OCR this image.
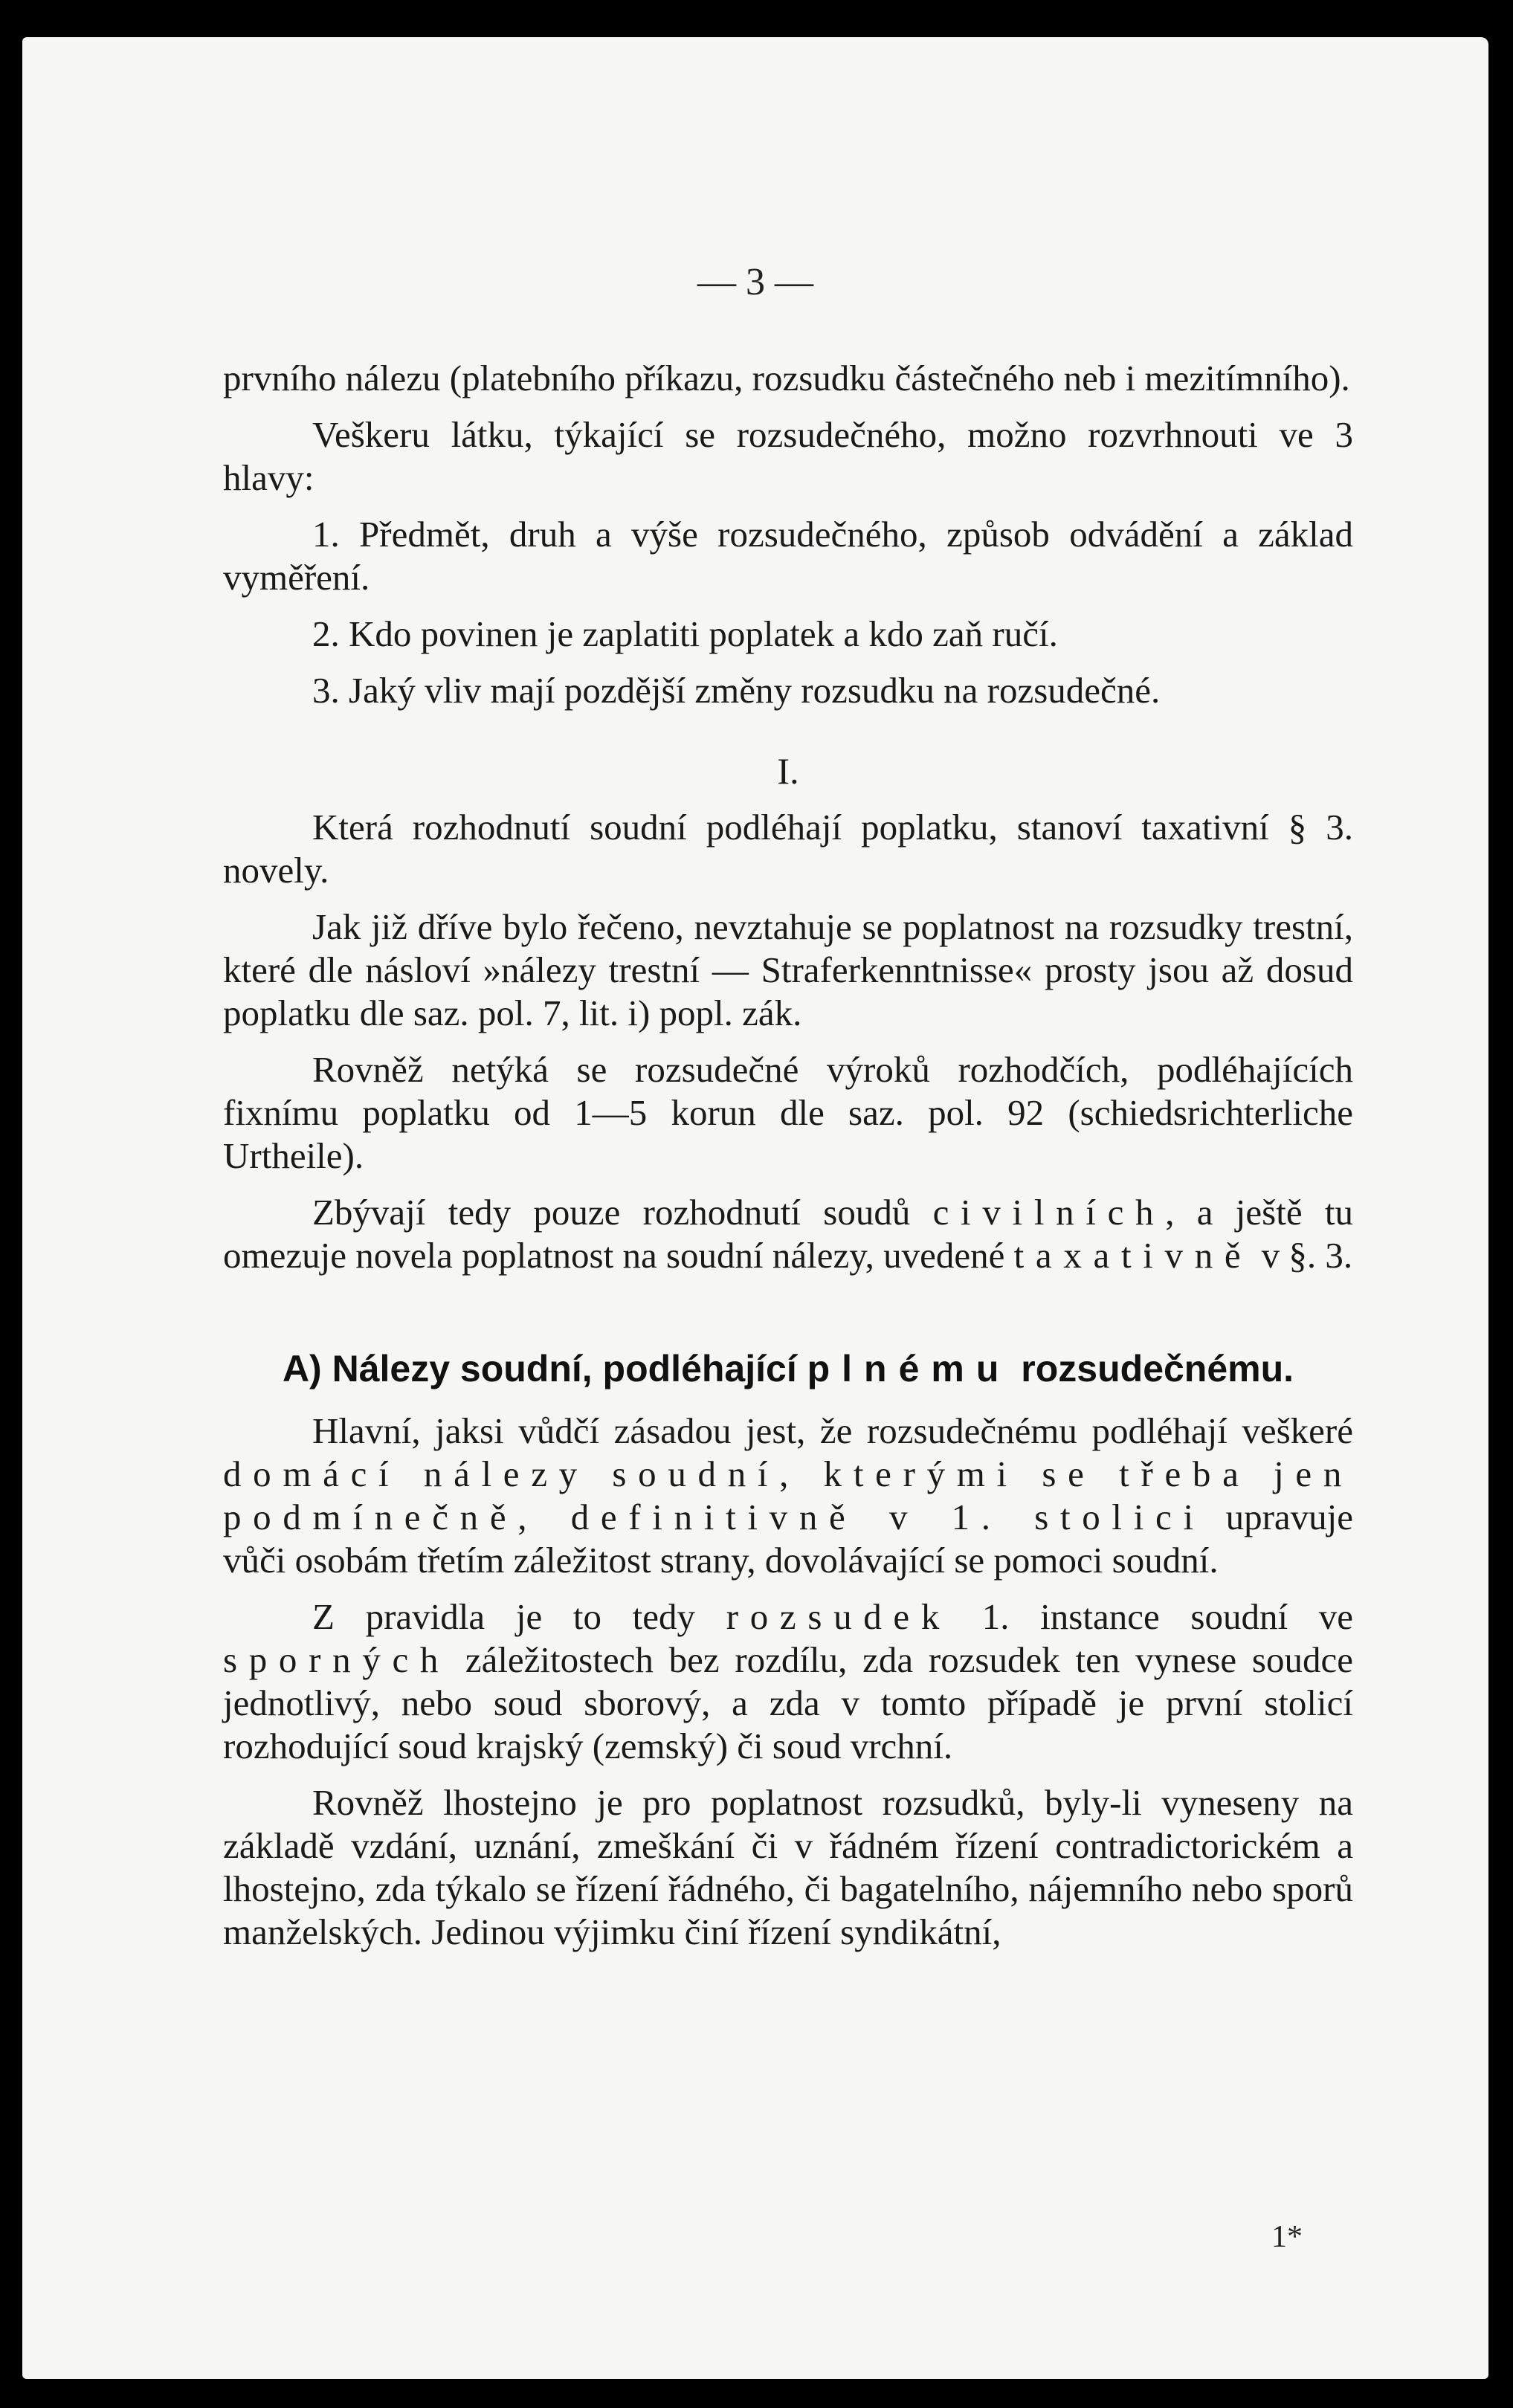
— 3 —

prvního nálezu (platebního příkazu, rozsudku částečného neb i mezitímního).

Veškeru látku, týkající se rozsudečného, možno rozvrhnouti ve 3 hlavy:

1. Předmět, druh a výše rozsudečného, způsob odvádění a základ vyměření.

2. Kdo povinen je zaplatiti poplatek a kdo zaň ručí.

3. Jaký vliv mají pozdější změny rozsudku na rozsudečné.

I.

Která rozhodnutí soudní podléhají poplatku, stanoví taxativní § 3. novely.

Jak již dříve bylo řečeno, nevztahuje se poplatnost na rozsudky trestní, které dle násloví »nálezy trestní — Straferkenntnisse« prosty jsou až dosud poplatku dle saz. pol. 7, lit. i) popl. zák.

Rovněž netýká se rozsudečné výroků rozhodčích, podléhajících fixnímu poplatku od 1—5 korun dle saz. pol. 92 (schiedsrichterliche Urtheile).

Zbývají tedy pouze rozhodnutí soudů civilních, a ještě tu omezuje novela poplatnost na soudní nálezy, uvedené taxativně v §. 3.

A) Nálezy soudní, podléhající plnému rozsudečnému.

Hlavní, jaksi vůdčí zásadou jest, že rozsudečnému podléhají veškeré domácí nálezy soudní, kterými se třeba jen podmínečně, definitivně v 1. stolici upravuje vůči osobám třetím záležitost strany, dovolávající se pomoci soudní.

Z pravidla je to tedy rozsudek 1. instance soudní ve sporných záležitostech bez rozdílu, zda rozsudek ten vynese soudce jednotlivý, nebo soud sborový, a zda v tomto případě je první stolicí rozhodující soud krajský (zemský) či soud vrchní.

Rovněž lhostejno je pro poplatnost rozsudků, byly-li vyneseny na základě vzdání, uznání, zmeškání či v řádném řízení contradictorickém a lhostejno, zda týkalo se řízení řádného, či bagatelního, nájemního nebo sporů manželských. Jedinou výjimku činí řízení syndikátní,

1*
